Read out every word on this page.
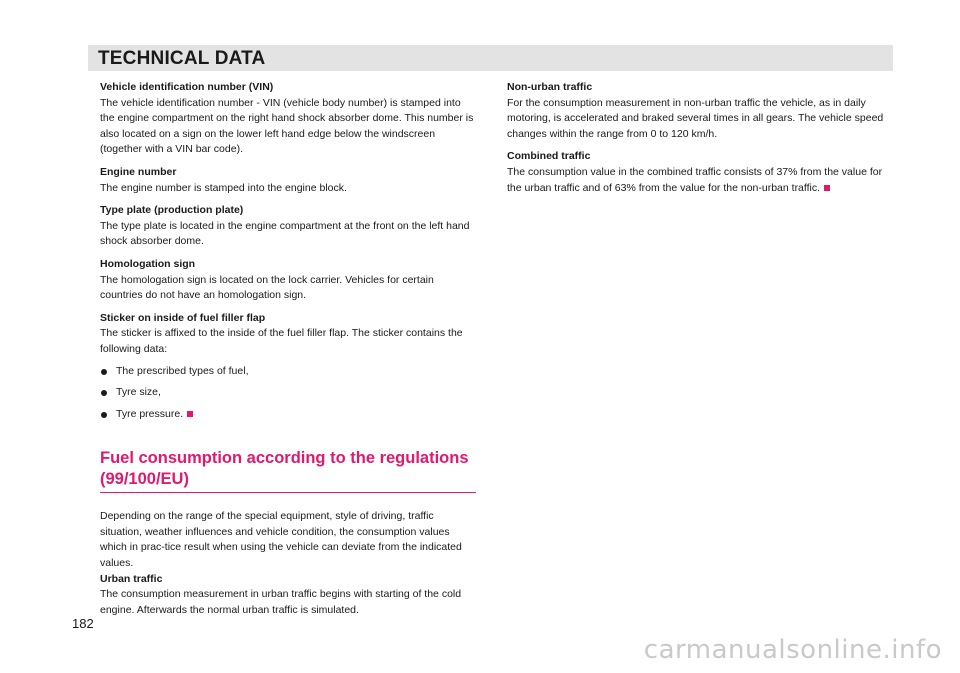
TECHNICAL DATA

Vehicle identification number (VIN)

The vehicle identification number - VIN (vehicle body number) is stamped into the engine compartment on the right hand shock absorber dome. This number is also located on a sign on the lower left hand edge below the windscreen (together with a VIN bar code).

Engine number

The engine number is stamped into the engine block.

Type plate (production plate)

The type plate is located in the engine compartment at the front on the left hand shock absorber dome.

Homologation sign

The homologation sign is located on the lock carrier. Vehicles for certain countries do not have an homologation sign.

Sticker on inside of fuel filler flap

The sticker is affixed to the inside of the fuel filler flap. The sticker contains the following data:

The prescribed types of fuel,
Tyre size,
Tyre pressure.
Fuel consumption according to the regulations
(99/100/EU)

Depending on the range of the special equipment, style of driving, traffic situation, weather influences and vehicle condition, the consumption values which in prac-tice result when using the vehicle can deviate from the indicated values.

Urban traffic

The consumption measurement in urban traffic begins with starting of the cold engine. Afterwards the normal urban traffic is simulated.

Non-urban traffic

For the consumption measurement in non-urban traffic the vehicle, as in daily motoring, is accelerated and braked several times in all gears. The vehicle speed changes within the range from 0 to 120 km/h.

Combined traffic

The consumption value in the combined traffic consists of 37% from the value for the urban traffic and of 63% from the value for the non-urban traffic.

182
carmanualsonline.info
